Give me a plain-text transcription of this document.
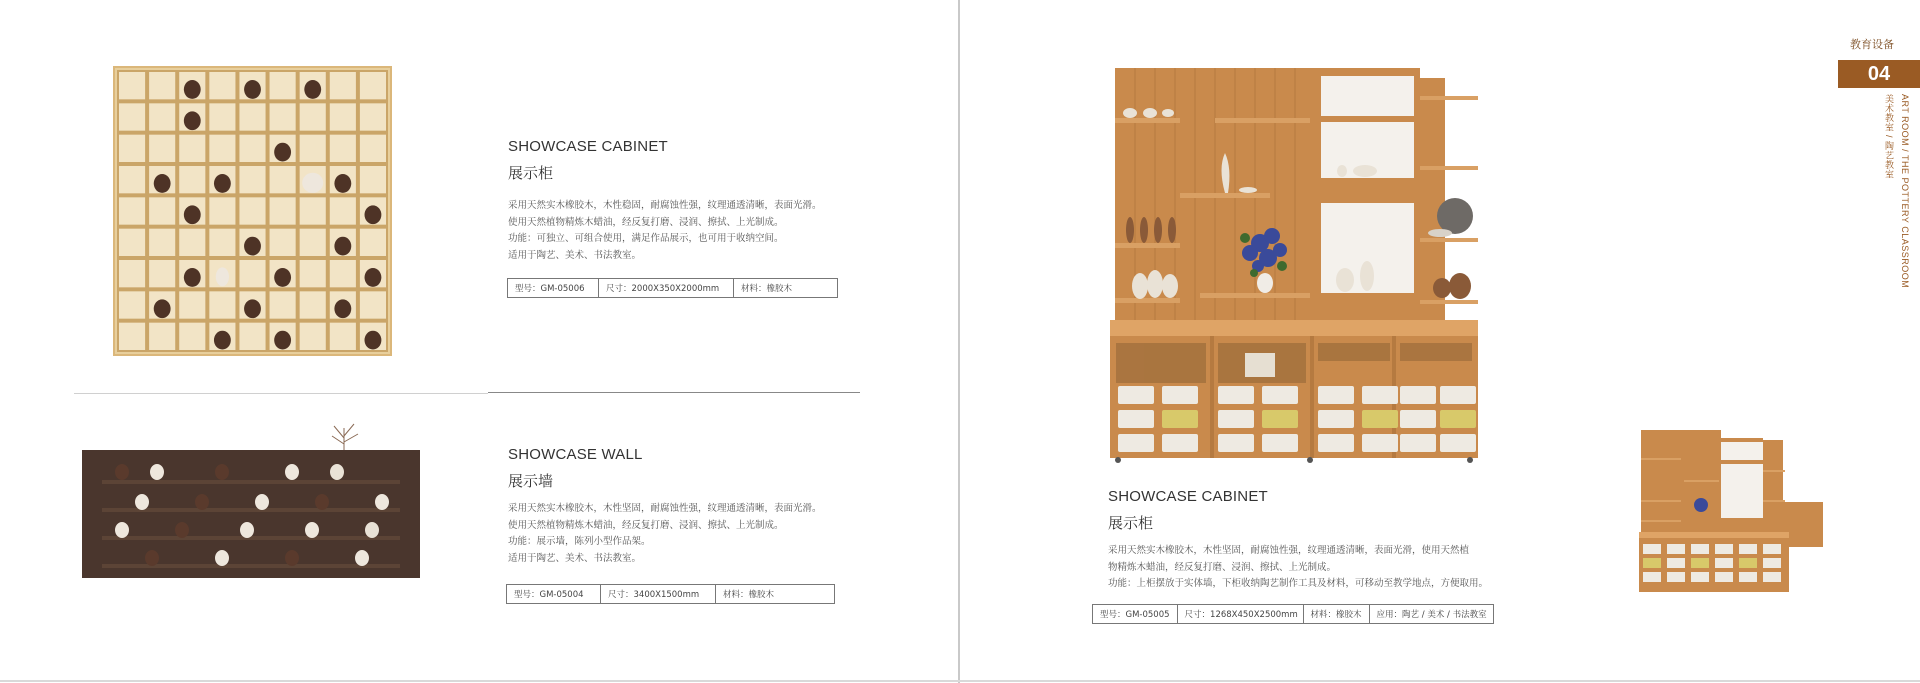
SHOWCASE CABINET
展示柜
采用天然实木橡胶木，木性稳固，耐腐蚀性强，纹理通透清晰，表面光滑。
使用天然植物精炼木蜡油，经反复打磨、浸润、擦拭、上光制成。
功能：可独立、可组合使用，满足作品展示，也可用于收纳空间。
适用于陶艺、美术、书法教室。
型号：GM-05006	尺寸：2000X350X2000mm	材料：橡胶木
SHOWCASE WALL
展示墙
采用天然实木橡胶木，木性坚固，耐腐蚀性强，纹理通透清晰，表面光滑。
使用天然植物精炼木蜡油，经反复打磨、浸润、擦拭、上光制成。
功能：展示墙，陈列小型作品架。
适用于陶艺、美术、书法教室。
型号：GM-05004	尺寸：3400X1500mm	材料：橡胶木
SHOWCASE CABINET
展示柜
采用天然实木橡胶木，木性坚固，耐腐蚀性强，纹理通透清晰，表面光滑，使用天然植
物精炼木蜡油，经反复打磨、浸润、擦拭、上光制成。
功能：上柜摆放于实体墙，下柜收纳陶艺制作工具及材料，可移动至教学地点，方便取用。
型号：GM-05005	尺寸：1268X450X2500mm	材料：橡胶木	应用：陶艺 / 美术 / 书法教室
教育设备
04
ART ROOM / THE POTTERY CLASSROOM
美术教室 / 陶艺教室
